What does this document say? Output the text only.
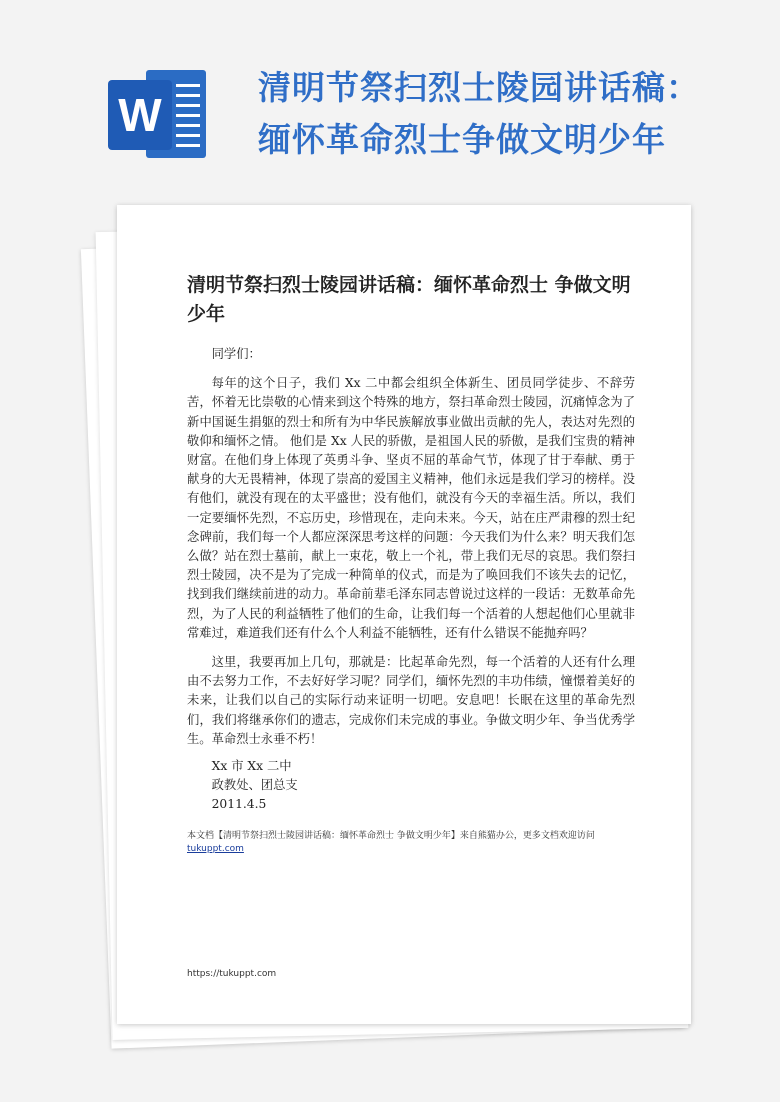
W
清明节祭扫烈士陵园讲话稿：
缅怀革命烈士争做文明少年
清明节祭扫烈士陵园讲话稿：缅怀革命烈士 争做文明少年

同学们：

每年的这个日子，我们 Xx 二中都会组织全体新生、团员同学徒步、不辞劳苦，怀着无比崇敬的心情来到这个特殊的地方，祭扫革命烈士陵园，沉痛悼念为了新中国诞生捐躯的烈士和所有为中华民族解放事业做出贡献的先人，表达对先烈的敬仰和缅怀之情。 他们是 Xx 人民的骄傲，是祖国人民的骄傲，是我们宝贵的精神财富。在他们身上体现了英勇斗争、坚贞不屈的革命气节，体现了甘于奉献、勇于献身的大无畏精神，体现了崇高的爱国主义精神，他们永远是我们学习的榜样。没有他们，就没有现在的太平盛世；没有他们，就没有今天的幸福生活。所以，我们一定要缅怀先烈，不忘历史，珍惜现在，走向未来。今天，站在庄严肃穆的烈士纪念碑前，我们每一个人都应深深思考这样的问题：今天我们为什么来？明天我们怎么做？站在烈士墓前，献上一束花，敬上一个礼，带上我们无尽的哀思。我们祭扫烈士陵园，决不是为了完成一种简单的仪式，而是为了唤回我们不该失去的记忆，找到我们继续前进的动力。革命前辈毛泽东同志曾说过这样的一段话：无数革命先烈，为了人民的利益牺牲了他们的生命，让我们每一个活着的人想起他们心里就非常难过，难道我们还有什么个人利益不能牺牲，还有什么错误不能抛弃吗？

这里，我要再加上几句，那就是：比起革命先烈，每一个活着的人还有什么理由不去努力工作，不去好好学习呢？同学们，缅怀先烈的丰功伟绩，憧憬着美好的未来，让我们以自己的实际行动来证明一切吧。安息吧！长眠在这里的革命先烈们，我们将继承你们的遗志，完成你们未完成的事业。争做文明少年、争当优秀学生。革命烈士永垂不朽！

Xx 市 Xx 二中

政教处、团总支

2011.4.5

本文档【清明节祭扫烈士陵园讲话稿：缅怀革命烈士 争做文明少年】来自熊猫办公，更多文档欢迎访问
tukuppt.com
https://tukuppt.com
